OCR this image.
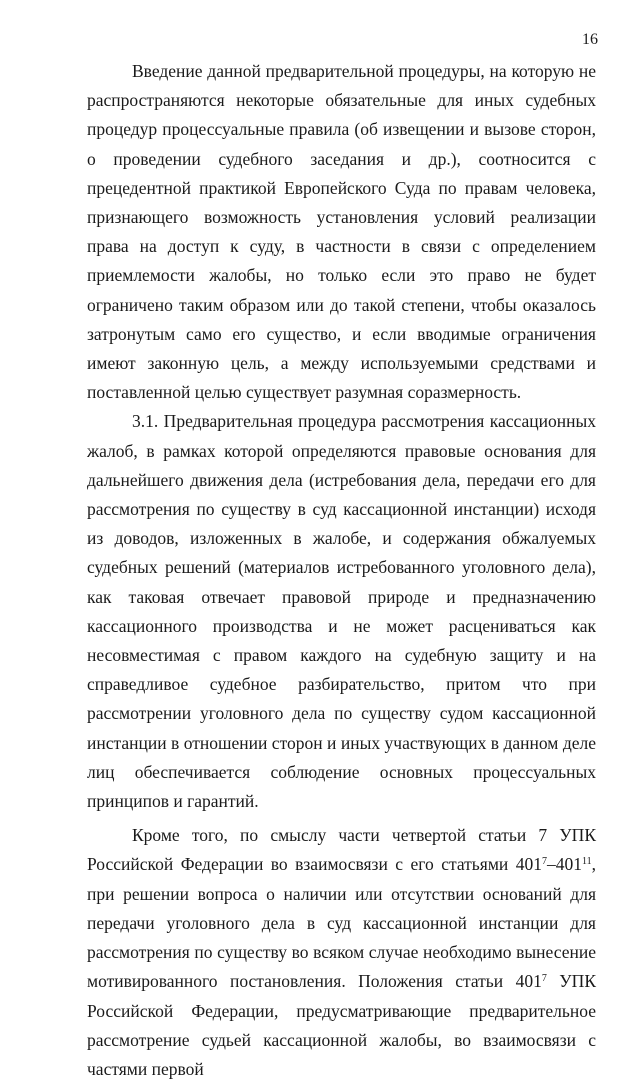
16

Введение данной предварительной процедуры, на которую не распространяются некоторые обязательные для иных судебных процедур процессуальные правила (об извещении и вызове сторон, о проведении судебного заседания и др.), соотносится с прецедентной практикой Европейского Суда по правам человека, признающего возможность установления условий реализации права на доступ к суду, в частности в связи с определением приемлемости жалобы, но только если это право не будет ограничено таким образом или до такой степени, чтобы оказалось затронутым само его существо, и если вводимые ограничения имеют законную цель, а между используемыми средствами и поставленной целью существует разумная соразмерность.

3.1. Предварительная процедура рассмотрения кассационных жалоб, в рамках которой определяются правовые основания для дальнейшего движения дела (истребования дела, передачи его для рассмотрения по существу в суд кассационной инстанции) исходя из доводов, изложенных в жалобе, и содержания обжалуемых судебных решений (материалов истребованного уголовного дела), как таковая отвечает правовой природе и предназначению кассационного производства и не может расцениваться как несовместимая с правом каждого на судебную защиту и на справедливое судебное разбирательство, притом что при рассмотрении уголовного дела по существу судом кассационной инстанции в отношении сторон и иных участвующих в данном деле лиц обеспечивается соблюдение основных процессуальных принципов и гарантий.

Кроме того, по смыслу части четвертой статьи 7 УПК Российской Федерации во взаимосвязи с его статьями $401^7-401^{11}$, при решении вопроса о наличии или отсутствии оснований для передачи уголовного дела в суд кассационной инстанции для рассмотрения по существу во всяком случае необходимо вынесение мотивированного постановления. Положения статьи $401^7$ УПК Российской Федерации, предусматривающие предварительное рассмотрение судьей кассационной жалобы, во взаимосвязи с частями первой
